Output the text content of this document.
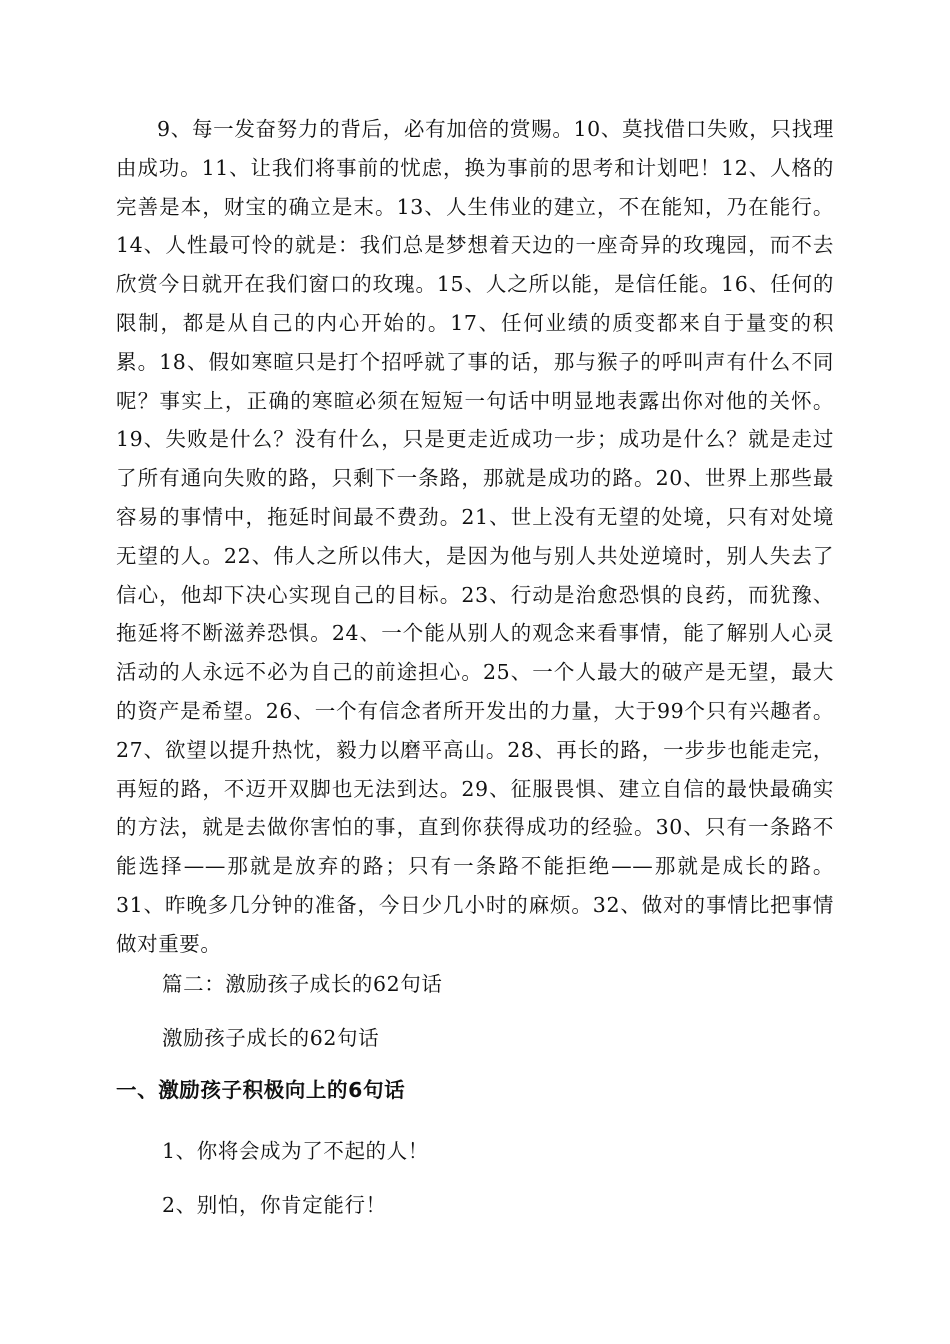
9、每一发奋努力的背后，必有加倍的赏赐。10、莫找借口失败，只找理由成功。11、让我们将事前的忧虑，换为事前的思考和计划吧！12、人格的完善是本，财宝的确立是末。13、人生伟业的建立，不在能知，乃在能行。14、人性最可怜的就是：我们总是梦想着天边的一座奇异的玫瑰园，而不去欣赏今日就开在我们窗口的玫瑰。15、人之所以能，是信任能。16、任何的限制，都是从自己的内心开始的。17、任何业绩的质变都来自于量变的积累。18、假如寒暄只是打个招呼就了事的话，那与猴子的呼叫声有什么不同呢？事实上，正确的寒暄必须在短短一句话中明显地表露出你对他的关怀。19、失败是什么？没有什么，只是更走近成功一步；成功是什么？就是走过了所有通向失败的路，只剩下一条路，那就是成功的路。20、世界上那些最容易的事情中，拖延时间最不费劲。21、世上没有无望的处境，只有对处境无望的人。22、伟人之所以伟大，是因为他与别人共处逆境时，别人失去了信心，他却下决心实现自己的目标。23、行动是治愈恐惧的良药，而犹豫、拖延将不断滋养恐惧。24、一个能从别人的观念来看事情，能了解别人心灵活动的人永远不必为自己的前途担心。25、一个人最大的破产是无望，最大的资产是希望。26、一个有信念者所开发出的力量，大于99个只有兴趣者。27、欲望以提升热忱，毅力以磨平高山。28、再长的路，一步步也能走完，再短的路，不迈开双脚也无法到达。29、征服畏惧、建立自信的最快最确实的方法，就是去做你害怕的事，直到你获得成功的经验。30、只有一条路不能选择——那就是放弃的路；只有一条路不能拒绝——那就是成长的路。31、昨晚多几分钟的准备，今日少几小时的麻烦。32、做对的事情比把事情做对重要。

篇二：激励孩子成长的62句话

激励孩子成长的62句话

一、激励孩子积极向上的6句话

1、你将会成为了不起的人！

2、别怕，你肯定能行！
